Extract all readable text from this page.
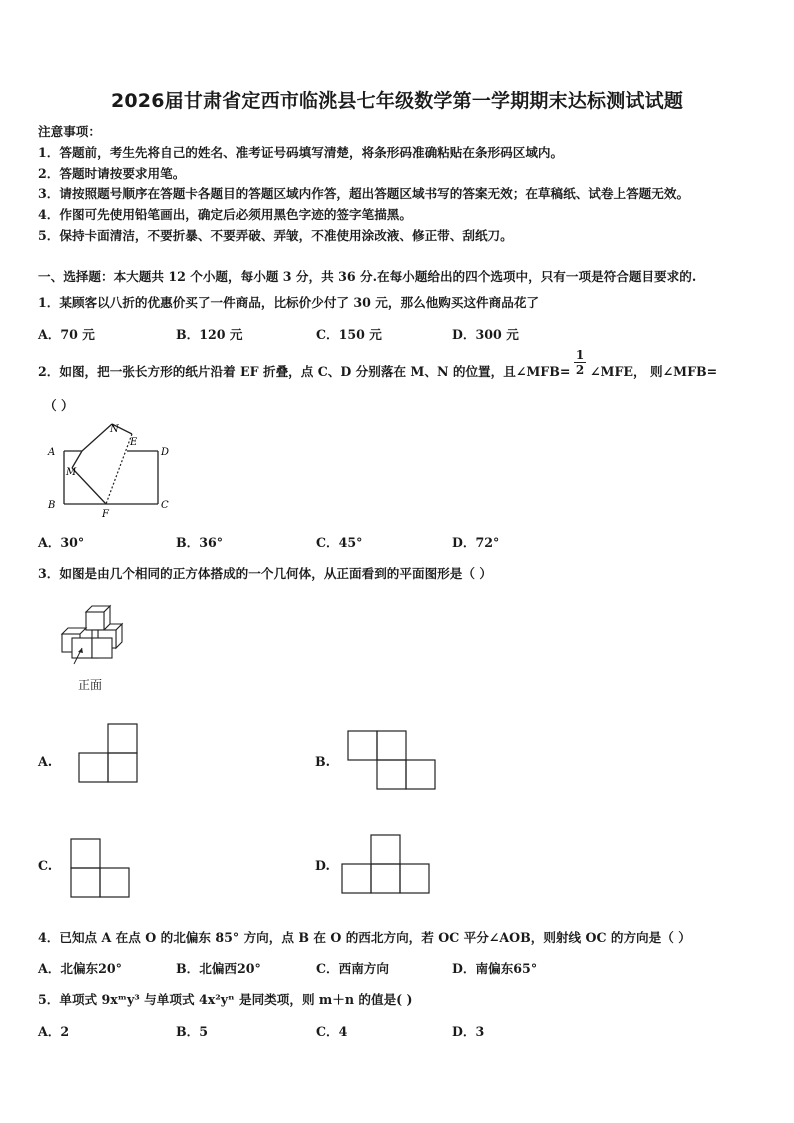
2026届甘肃省定西市临洮县七年级数学第一学期期末达标测试试题
注意事项：
1．答题前，考生先将自己的姓名、准考证号码填写清楚，将条形码准确粘贴在条形码区域内。
2．答题时请按要求用笔。
3．请按照题号顺序在答题卡各题目的答题区域内作答，超出答题区域书写的答案无效；在草稿纸、试卷上答题无效。
4．作图可先使用铅笔画出，确定后必须用黑色字迹的签字笔描黑。
5．保持卡面清洁，不要折暴、不要弄破、弄皱，不准使用涂改液、修正带、刮纸刀。
一、选择题：本大题共 12 个小题，每小题 3 分，共 36 分.在每小题给出的四个选项中，只有一项是符合题目要求的.
1．某顾客以八折的优惠价买了一件商品，比标价少付了 30 元，那么他购买这件商品花了
A．70 元	B．120 元	C．150 元	D．300 元
2．如图，把一张长方形的纸片沿着 EF 折叠，点 C、D 分别落在 M、N 的位置，且∠MFB= $\frac{1}{2}$ ∠MFE， 则∠MFB=
（ ）
A
B	C
D
E
F
M
N
A．30°	B．36°	C．45°	D．72°
3．如图是由几个相同的正方体搭成的一个几何体，从正面看到的平面图形是（ ）
正面
A.	B.
C.	D.
4．已知点 A 在点 O 的北偏东 85° 方向，点 B 在 O 的西北方向，若 OC 平分∠AOB，则射线 OC 的方向是（ ）
A．北偏东20°	B．北偏西20°	C．西南方向	D．南偏东65°
5．单项式 9xᵐy³ 与单项式 4x²yⁿ 是同类项，则 m＋n 的值是( )
A．2	B．5	C．4	D．3
